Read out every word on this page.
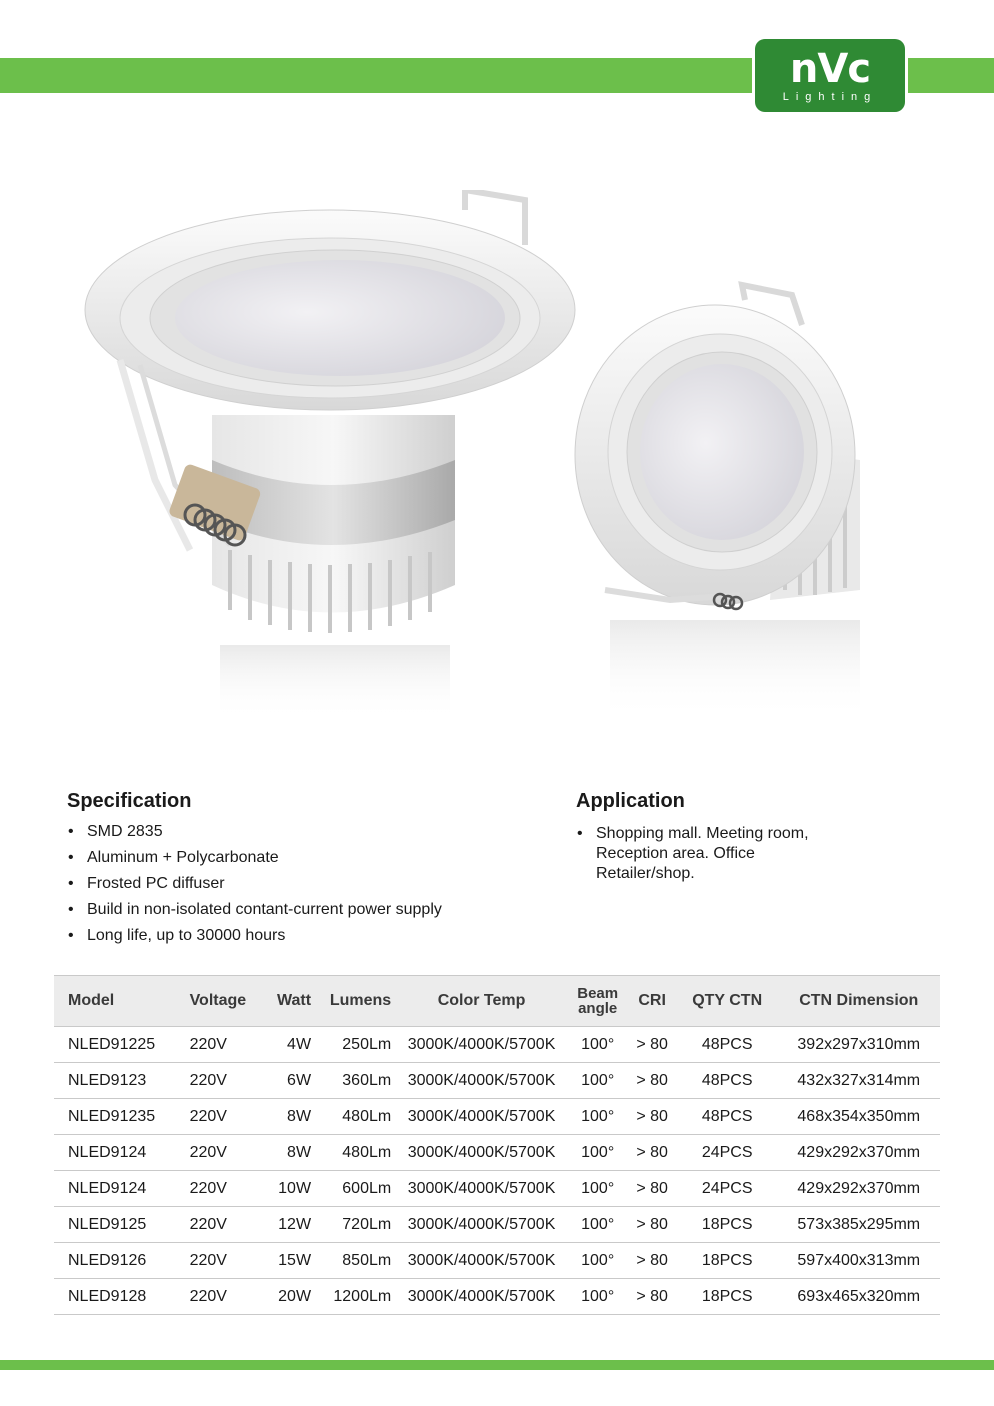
nVc
Lighting
Specification
• SMD 2835
• Aluminum + Polycarbonate
• Frosted PC diffuser
• Build in non-isolated contant-current power supply
• Long life, up to 30000 hours
Application
• Shopping mall. Meeting room,
Reception area. Office
Retailer/shop.
Model	Voltage	Watt	Lumens	Color Temp	Beam angle	CRI	QTY CTN	CTN Dimension
NLED91225	220V	4W	250Lm	3000K/4000K/5700K	100°	> 80	48PCS	392x297x310mm
NLED9123	220V	6W	360Lm	3000K/4000K/5700K	100°	> 80	48PCS	432x327x314mm
NLED91235	220V	8W	480Lm	3000K/4000K/5700K	100°	> 80	48PCS	468x354x350mm
NLED9124	220V	8W	480Lm	3000K/4000K/5700K	100°	> 80	24PCS	429x292x370mm
NLED9124	220V	10W	600Lm	3000K/4000K/5700K	100°	> 80	24PCS	429x292x370mm
NLED9125	220V	12W	720Lm	3000K/4000K/5700K	100°	> 80	18PCS	573x385x295mm
NLED9126	220V	15W	850Lm	3000K/4000K/5700K	100°	> 80	18PCS	597x400x313mm
NLED9128	220V	20W	1200Lm	3000K/4000K/5700K	100°	> 80	18PCS	693x465x320mm
